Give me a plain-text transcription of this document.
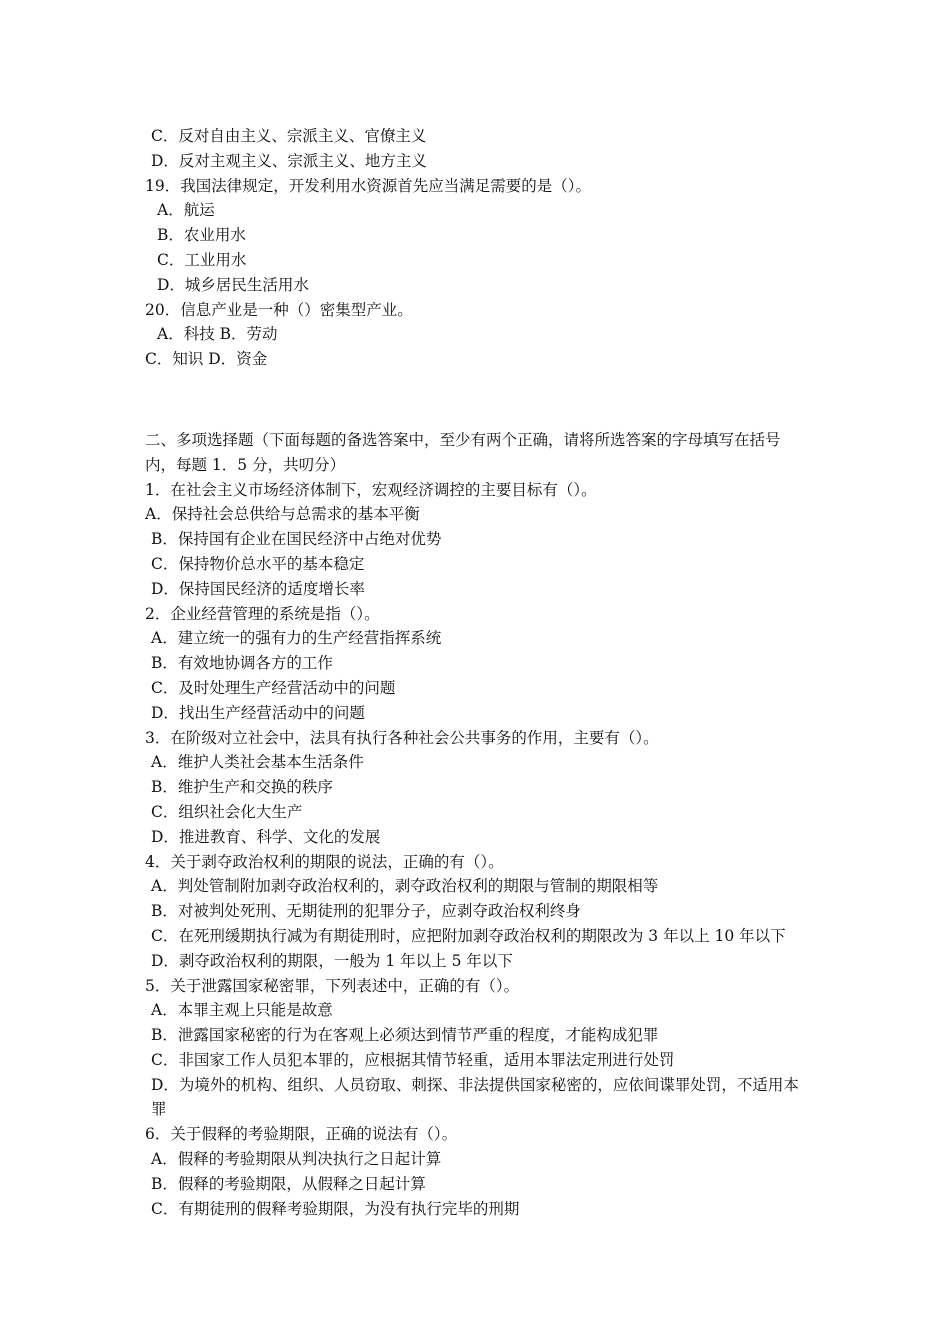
C．反对自由主义、宗派主义、官僚主义

D．反对主观主义、宗派主义、地方主义

19．我国法律规定，开发利用水资源首先应当满足需要的是（）。

A．航运

B．农业用水

C．工业用水

D．城乡居民生活用水

20．信息产业是一种（）密集型产业。

A．科技 B．劳动

C．知识 D．资金

二、多项选择题（下面每题的备选答案中，至少有两个正确，请将所选答案的字母填写在括号内，每题 1．5 分，共叨分）

1．在社会主义市场经济体制下，宏观经济调控的主要目标有（）。

A．保持社会总供给与总需求的基本平衡

B．保持国有企业在国民经济中占绝对优势

C．保持物价总水平的基本稳定

D．保持国民经济的适度增长率

2．企业经营管理的系统是指（）。

A．建立统一的强有力的生产经营指挥系统

B．有效地协调各方的工作

C．及时处理生产经营活动中的问题

D．找出生产经营活动中的问题

3．在阶级对立社会中，法具有执行各种社会公共事务的作用，主要有（）。

A．维护人类社会基本生活条件

B．维护生产和交换的秩序

C．组织社会化大生产

D．推进教育、科学、文化的发展

4．关于剥夺政治权利的期限的说法，正确的有（）。

A．判处管制附加剥夺政治权利的，剥夺政治权利的期限与管制的期限相等

B．对被判处死刑、无期徒刑的犯罪分子，应剥夺政治权利终身

C．在死刑缓期执行减为有期徒刑时，应把附加剥夺政治权利的期限改为 3 年以上 10 年以下

D．剥夺政治权利的期限，一般为 1 年以上 5 年以下

5．关于泄露国家秘密罪，下列表述中，正确的有（）。

A．本罪主观上只能是故意

B．泄露国家秘密的行为在客观上必须达到情节严重的程度，才能构成犯罪

C．非国家工作人员犯本罪的，应根据其情节轻重，适用本罪法定刑进行处罚

D．为境外的机构、组织、人员窃取、刺探、非法提供国家秘密的，应依间谍罪处罚，不适用本罪

6．关于假释的考验期限，正确的说法有（）。

A．假释的考验期限从判决执行之日起计算

B．假释的考验期限，从假释之日起计算

C．有期徒刑的假释考验期限，为没有执行完毕的刑期
